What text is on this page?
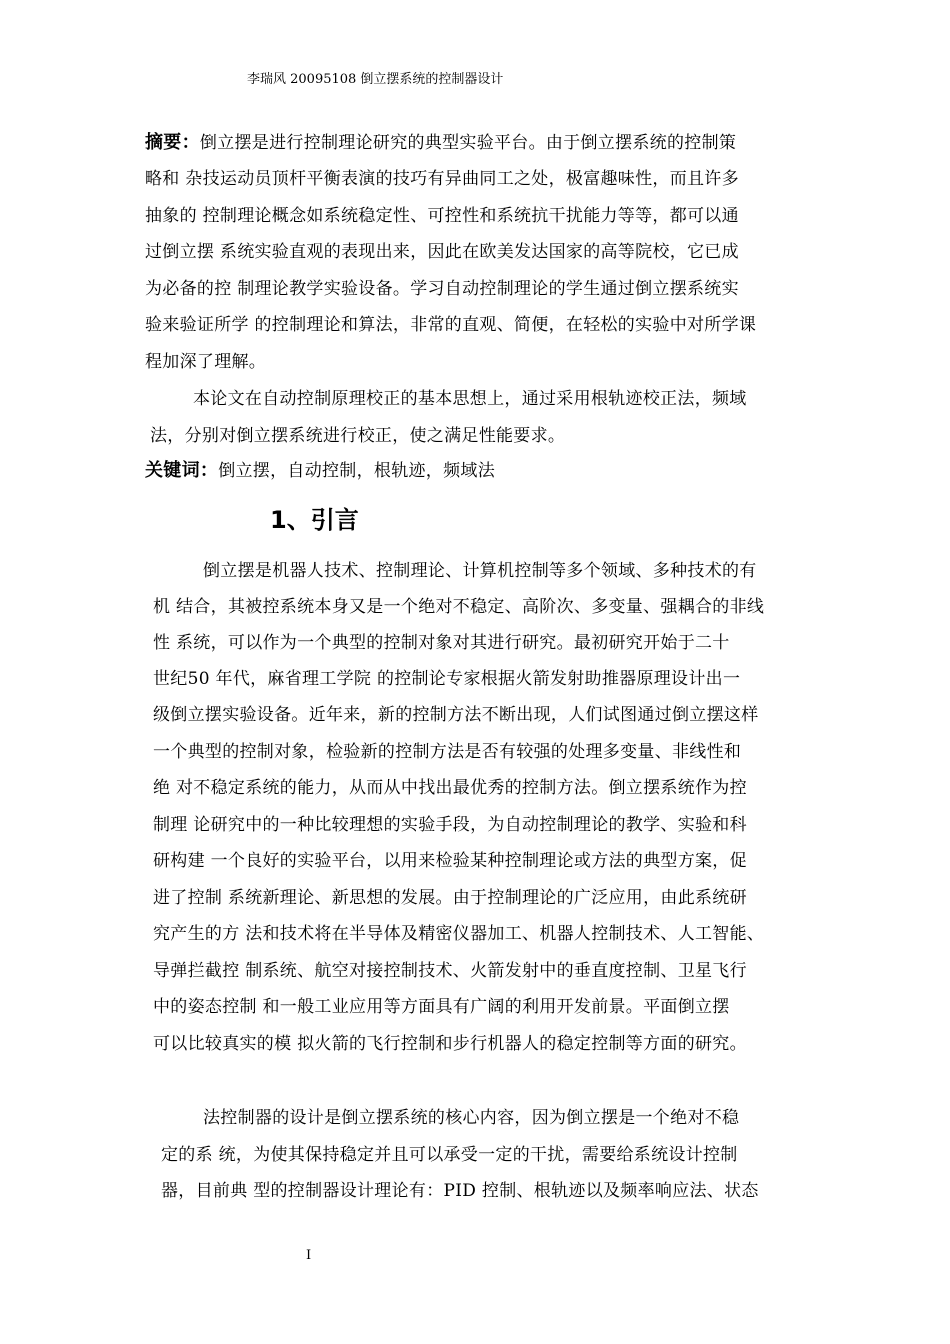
李瑞风 20095108 倒立摆系统的控制器设计
摘要：倒立摆是进行控制理论研究的典型实验平台。由于倒立摆系统的控制策
略和 杂技运动员顶杆平衡表演的技巧有异曲同工之处，极富趣味性，而且许多
抽象的 控制理论概念如系统稳定性、可控性和系统抗干扰能力等等，都可以通
过倒立摆 系统实验直观的表现出来，因此在欧美发达国家的高等院校，它已成
为必备的控 制理论教学实验设备。学习自动控制理论的学生通过倒立摆系统实
验来验证所学 的控制理论和算法，非常的直观、简便，在轻松的实验中对所学课
程加深了理解。
本论文在自动控制原理校正的基本思想上，通过采用根轨迹校正法，频域
法，分别对倒立摆系统进行校正，使之满足性能要求。
关键词：倒立摆，自动控制，根轨迹，频域法
1、引言
倒立摆是机器人技术、控制理论、计算机控制等多个领域、多种技术的有
机 结合，其被控系统本身又是一个绝对不稳定、高阶次、多变量、强耦合的非线
性 系统，可以作为一个典型的控制对象对其进行研究。最初研究开始于二十
世纪50 年代，麻省理工学院 的控制论专家根据火箭发射助推器原理设计出一
级倒立摆实验设备。近年来，新的控制方法不断出现，人们试图通过倒立摆这样
一个典型的控制对象，检验新的控制方法是否有较强的处理多变量、非线性和
绝 对不稳定系统的能力，从而从中找出最优秀的控制方法。倒立摆系统作为控
制理 论研究中的一种比较理想的实验手段，为自动控制理论的教学、实验和科
研构建 一个良好的实验平台，以用来检验某种控制理论或方法的典型方案，促
进了控制 系统新理论、新思想的发展。由于控制理论的广泛应用，由此系统研
究产生的方 法和技术将在半导体及精密仪器加工、机器人控制技术、人工智能、
导弹拦截控 制系统、航空对接控制技术、火箭发射中的垂直度控制、卫星飞行
中的姿态控制 和一般工业应用等方面具有广阔的利用开发前景。平面倒立摆
可以比较真实的模 拟火箭的飞行控制和步行机器人的稳定控制等方面的研究。
法控制器的设计是倒立摆系统的核心内容，因为倒立摆是一个绝对不稳
定的系 统，为使其保持稳定并且可以承受一定的干扰，需要给系统设计控制
器，目前典 型的控制器设计理论有：PID 控制、根轨迹以及频率响应法、状态
I
